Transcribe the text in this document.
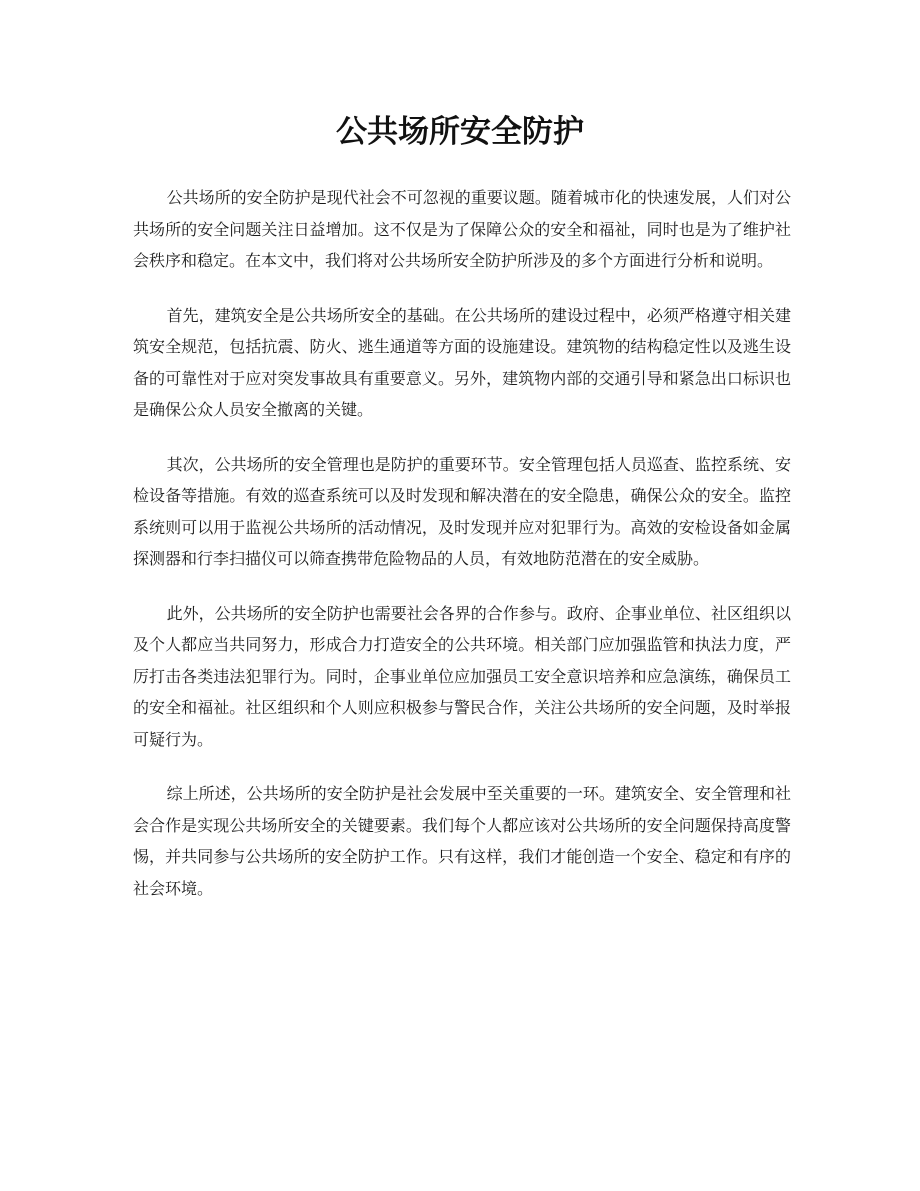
公共场所安全防护

公共场所的安全防护是现代社会不可忽视的重要议题。随着城市化的快速发展，人们对公共场所的安全问题关注日益增加。这不仅是为了保障公众的安全和福祉，同时也是为了维护社会秩序和稳定。在本文中，我们将对公共场所安全防护所涉及的多个方面进行分析和说明。

首先，建筑安全是公共场所安全的基础。在公共场所的建设过程中，必须严格遵守相关建筑安全规范，包括抗震、防火、逃生通道等方面的设施建设。建筑物的结构稳定性以及逃生设备的可靠性对于应对突发事故具有重要意义。另外，建筑物内部的交通引导和紧急出口标识也是确保公众人员安全撤离的关键。

其次，公共场所的安全管理也是防护的重要环节。安全管理包括人员巡查、监控系统、安检设备等措施。有效的巡查系统可以及时发现和解决潜在的安全隐患，确保公众的安全。监控系统则可以用于监视公共场所的活动情况，及时发现并应对犯罪行为。高效的安检设备如金属探测器和行李扫描仪可以筛查携带危险物品的人员，有效地防范潜在的安全威胁。

此外，公共场所的安全防护也需要社会各界的合作参与。政府、企事业单位、社区组织以及个人都应当共同努力，形成合力打造安全的公共环境。相关部门应加强监管和执法力度，严厉打击各类违法犯罪行为。同时，企事业单位应加强员工安全意识培养和应急演练，确保员工的安全和福祉。社区组织和个人则应积极参与警民合作，关注公共场所的安全问题，及时举报可疑行为。

综上所述，公共场所的安全防护是社会发展中至关重要的一环。建筑安全、安全管理和社会合作是实现公共场所安全的关键要素。我们每个人都应该对公共场所的安全问题保持高度警惕，并共同参与公共场所的安全防护工作。只有这样，我们才能创造一个安全、稳定和有序的社会环境。
